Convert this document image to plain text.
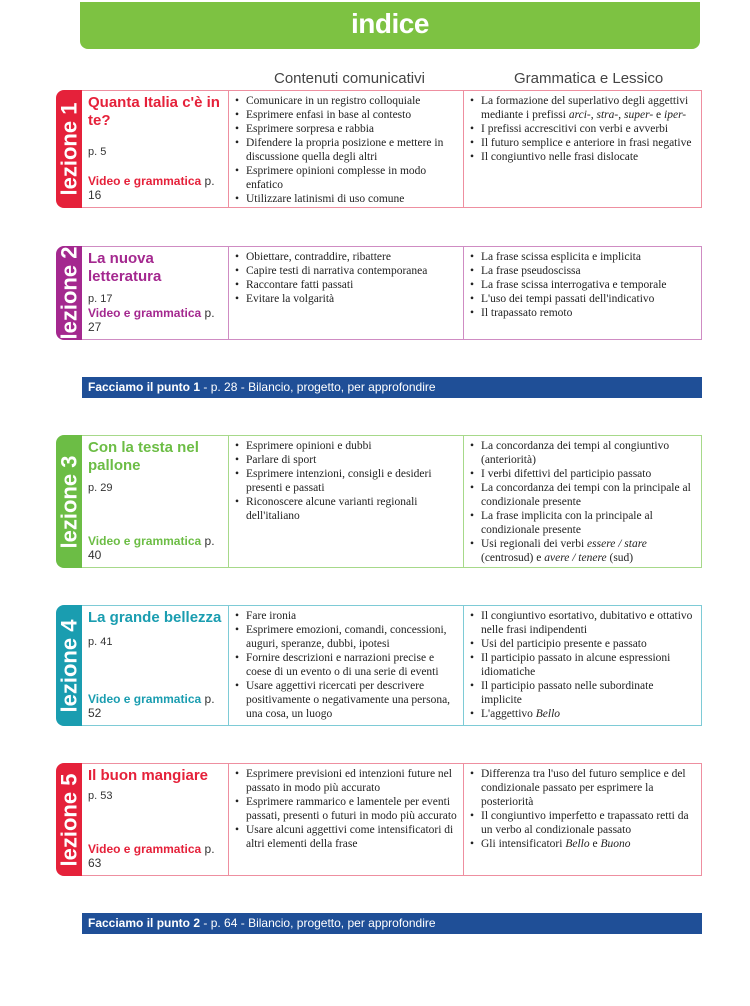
indice
Contenuti comunicativi	Grammatica e Lessico
lezione 1
Quanta Italia c'è in te?
p. 5
Video e grammatica p. 16
• Comunicare in un registro colloquiale
• Esprimere enfasi in base al contesto
• Esprimere sorpresa e rabbia
• Difendere la propria posizione e mettere in discussione quella degli altri
• Esprimere opinioni complesse in modo enfatico
• Utilizzare latinismi di uso comune
• La formazione del superlativo degli aggettivi mediante i prefissi arci-, stra-, super- e iper-
• I prefissi accrescitivi con verbi e avverbi
• Il futuro semplice e anteriore in frasi negative
• Il congiuntivo nelle frasi dislocate
lezione 2 La nuova letteratura
p. 17
Video e grammatica p. 27
• Obiettare, contraddire, ribattere
• Capire testi di narrativa contemporanea
• Raccontare fatti passati
• Evitare la volgarità
• La frase scissa esplicita e implicita
• La frase pseudoscissa
• La frase scissa interrogativa e temporale
• L'uso dei tempi passati dell'indicativo
• Il trapassato remoto
lezione 3
Con la testa nel pallone
p. 29
Video e grammatica p. 40
• Esprimere opinioni e dubbi
• Parlare di sport
• Esprimere intenzioni, consigli e desideri presenti e passati
• Riconoscere alcune varianti regionali dell'italiano
• La concordanza dei tempi al congiuntivo (anteriorità)
• I verbi difettivi del participio passato
• La concordanza dei tempi con la principale al condizionale presente
• La frase implicita con la principale al condizionale presente
• Usi regionali dei verbi essere / stare (centrosud) e avere / tenere (sud)
lezione 4
La grande bellezza
p. 41
Video e grammatica p. 52
• Fare ironia
• Esprimere emozioni, comandi, concessioni, auguri, speranze, dubbi, ipotesi
• Fornire descrizioni e narrazioni precise e coese di un evento o di una serie di eventi
• Usare aggettivi ricercati per descrivere positivamente o negativamente una persona, una cosa, un luogo
• Il congiuntivo esortativo, dubitativo e ottativo nelle frasi indipendenti
• Usi del participio presente e passato
• Il participio passato in alcune espressioni idiomatiche
• Il participio passato nelle subordinate implicite
• L'aggettivo Bello
lezione 5 Il buon mangiare
p. 53
Video e grammatica p. 63
• Esprimere previsioni ed intenzioni future nel passato in modo più accurato
• Esprimere rammarico e lamentele per eventi passati, presenti o futuri in modo più accurato
• Usare alcuni aggettivi come intensificatori di altri elementi della frase
• Differenza tra l'uso del futuro semplice e del condizionale passato per esprimere la posteriorità
• Il congiuntivo imperfetto e trapassato retti da un verbo al condizionale passato
• Gli intensificatori Bello e Buono
Facciamo il punto 1 - p. 28 - Bilancio, progetto, per approfondire
Facciamo il punto 2 - p. 64 - Bilancio, progetto, per approfondire
